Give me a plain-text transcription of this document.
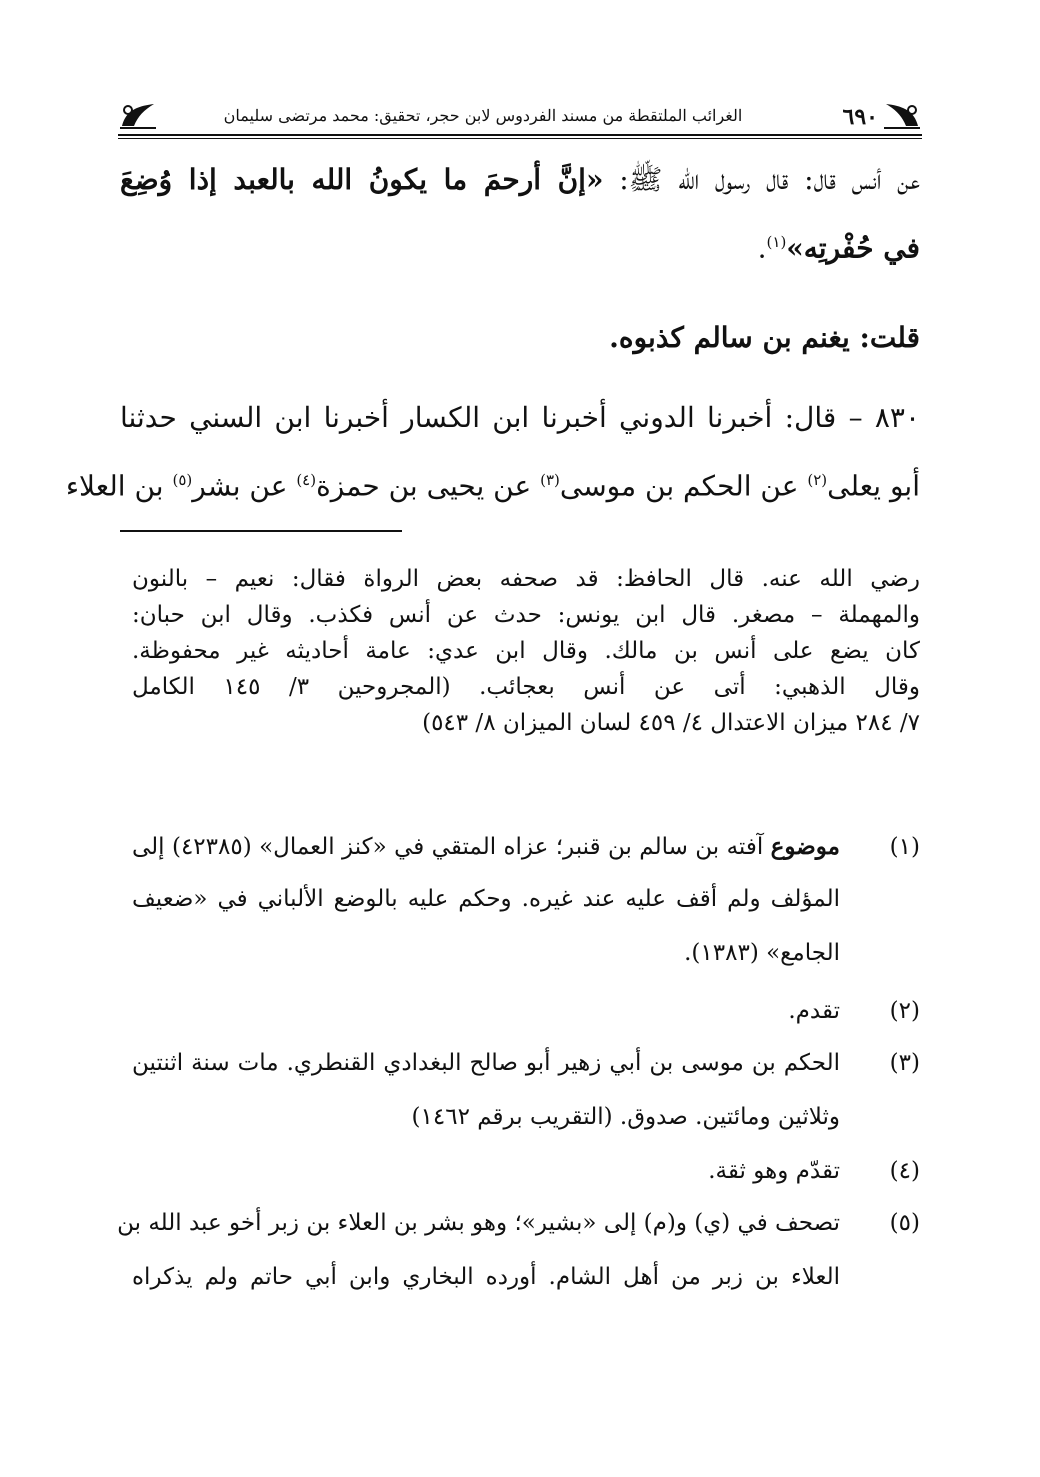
الغرائب الملتقطة من مسند الفردوس لابن حجر، تحقيق: محمد مرتضى سليمان	٦٩٠
عن أنس قال: قال رسول الله ﷺ: «إنَّ أرحمَ ما يكونُ الله بالعبد إذا وُضِعَ
في حُفْرتِه»$^{(١)}$.
قلت: يغنم بن سالم كذبوه.
٨٣٠ – قال: أخبرنا الدوني أخبرنا ابن الكسار أخبرنا ابن السني حدثنا
أبو يعلى$^{(٢)}$ عن الحكم بن موسى$^{(٣)}$ عن يحيى بن حمزة$^{(٤)}$ عن بشر$^{(٥)}$ بن العلاء
رضي الله عنه. قال الحافظ: قد صحفه بعض الرواة فقال: نعيم – بالنون
والمهملة – مصغر. قال ابن يونس: حدث عن أنس فكذب. وقال ابن حبان:
كان يضع على أنس بن مالك. وقال ابن عدي: عامة أحاديثه غير محفوظة.
وقال الذهبي: أتى عن أنس بعجائب. (المجروحين ٣/ ١٤٥ الكامل
٧/ ٢٨٤ ميزان الاعتدال ٤/ ٤٥٩ لسان الميزان ٨/ ٥٤٣)
(١)
موضوع آفته بن سالم بن قنبر؛ عزاه المتقي في «كنز العمال» (٤٢٣٨٥) إلى
المؤلف ولم أقف عليه عند غيره. وحكم عليه بالوضع الألباني في «ضعيف
الجامع» (١٣٨٣).
(٢)
تقدم.
(٣)
الحكم بن موسى بن أبي زهير أبو صالح البغدادي القنطري. مات سنة اثنتين
وثلاثين ومائتين. صدوق. (التقريب برقم ١٤٦٢)
(٤)
تقدّم وهو ثقة.
(٥)
تصحف في (ي) و(م) إلى «بشير»؛ وهو بشر بن العلاء بن زبر أخو عبد الله بن
العلاء بن زبر من أهل الشام. أورده البخاري وابن أبي حاتم ولم يذكراه
